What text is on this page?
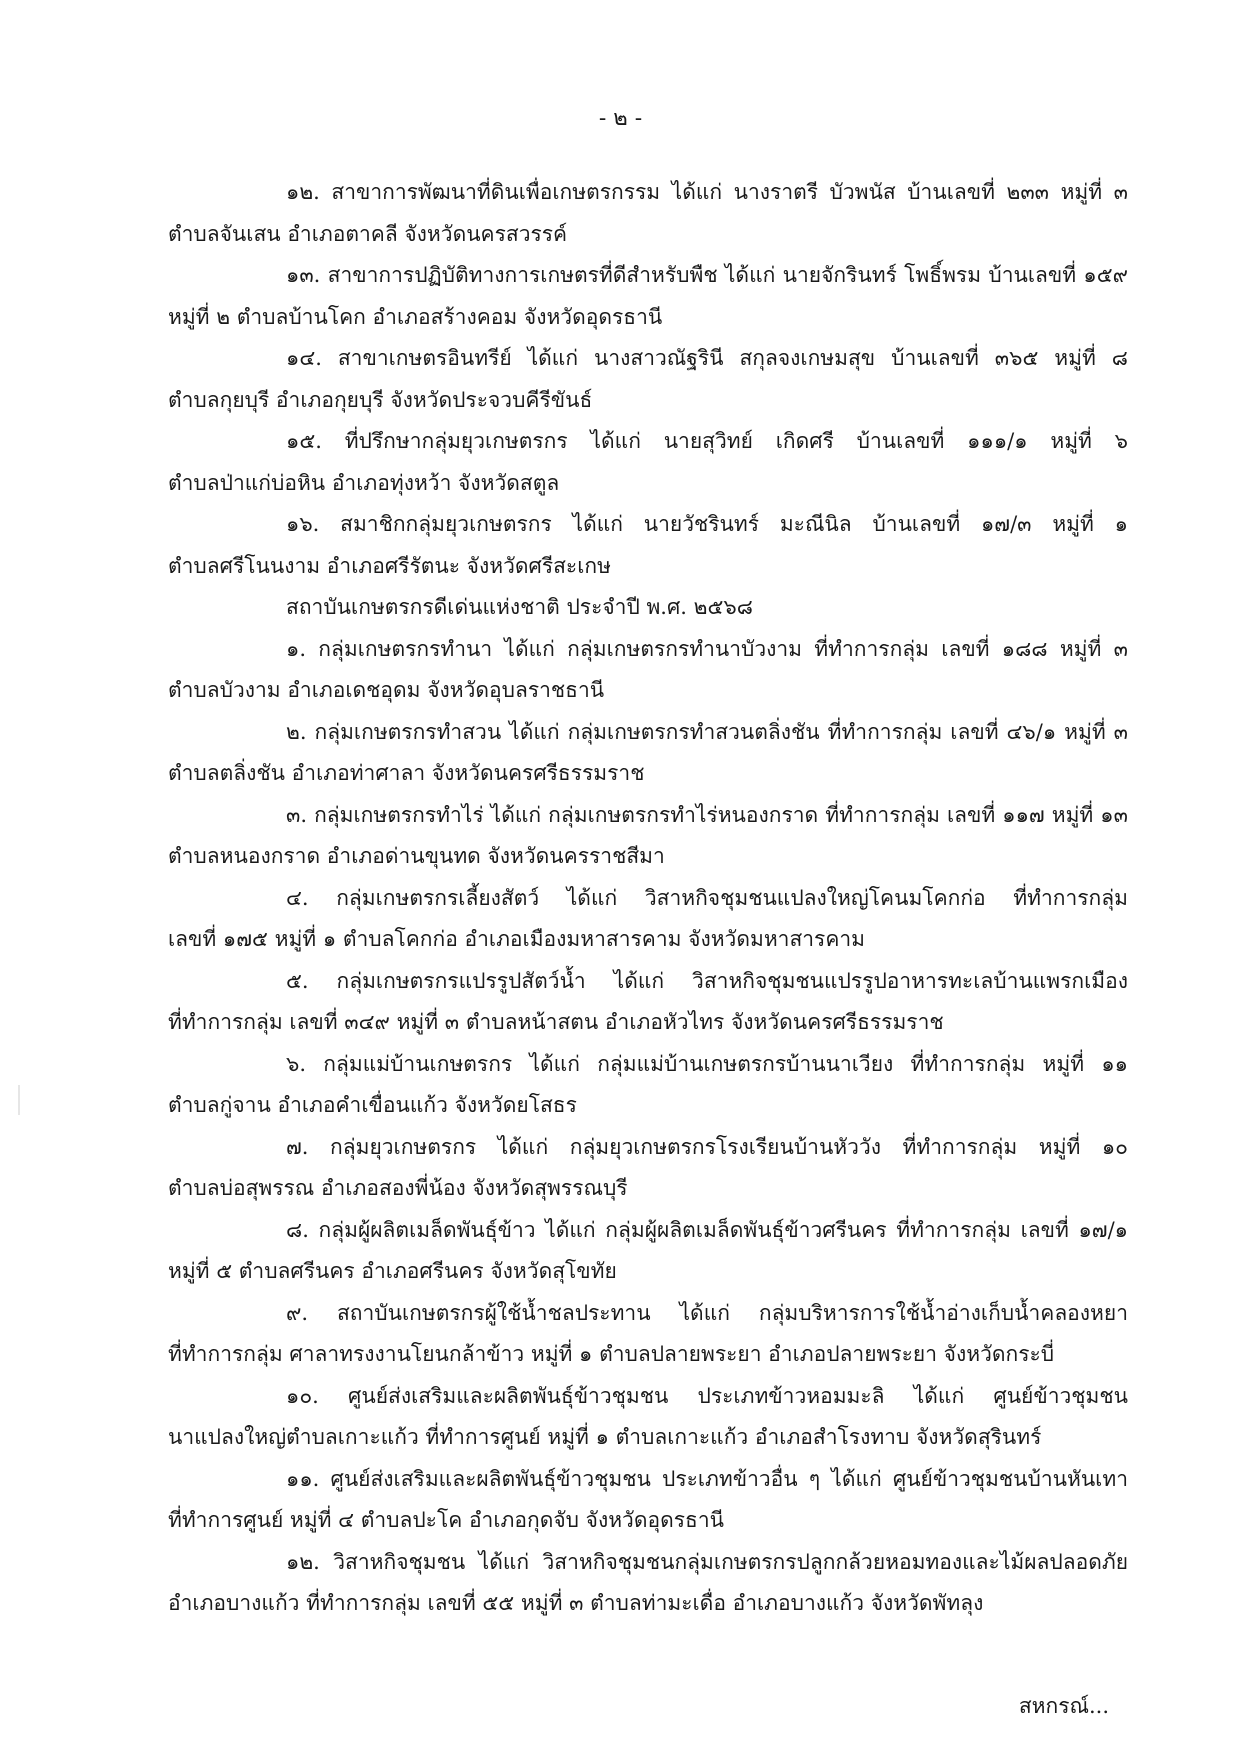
- ๒ -
๑๒. สาขาการพัฒนาที่ดินเพื่อเกษตรกรรม ได้แก่ นางราตรี บัวพนัส บ้านเลขที่ ๒๓๓ หมู่ที่ ๓
ตำบลจันเสน อำเภอตาคลี จังหวัดนครสวรรค์
๑๓. สาขาการปฏิบัติทางการเกษตรที่ดีสำหรับพืช ได้แก่ นายจักรินทร์ โพธิ์พรม บ้านเลขที่ ๑๕๙
หมู่ที่ ๒ ตำบลบ้านโคก อำเภอสร้างคอม จังหวัดอุดรธานี
๑๔. สาขาเกษตรอินทรีย์ ได้แก่ นางสาวณัฐรินี สกุลจงเกษมสุข บ้านเลขที่ ๓๖๕ หมู่ที่ ๘
ตำบลกุยบุรี อำเภอกุยบุรี จังหวัดประจวบคีรีขันธ์
๑๕. ที่ปรึกษากลุ่มยุวเกษตรกร ได้แก่ นายสุวิทย์ เกิดศรี บ้านเลขที่ ๑๑๑/๑ หมู่ที่ ๖
ตำบลป่าแก่บ่อหิน อำเภอทุ่งหว้า จังหวัดสตูล
๑๖. สมาชิกกลุ่มยุวเกษตรกร ได้แก่ นายวัชรินทร์ มะณีนิล บ้านเลขที่ ๑๗/๓ หมู่ที่ ๑
ตำบลศรีโนนงาม อำเภอศรีรัตนะ จังหวัดศรีสะเกษ
สถาบันเกษตรกรดีเด่นแห่งชาติ ประจำปี พ.ศ. ๒๕๖๘
๑. กลุ่มเกษตรกรทำนา ได้แก่ กลุ่มเกษตรกรทำนาบัวงาม ที่ทำการกลุ่ม เลขที่ ๑๘๘ หมู่ที่ ๓
ตำบลบัวงาม อำเภอเดชอุดม จังหวัดอุบลราชธานี
๒. กลุ่มเกษตรกรทำสวน ได้แก่ กลุ่มเกษตรกรทำสวนตลิ่งชัน ที่ทำการกลุ่ม เลขที่ ๔๖/๑ หมู่ที่ ๓
ตำบลตลิ่งชัน อำเภอท่าศาลา จังหวัดนครศรีธรรมราช
๓. กลุ่มเกษตรกรทำไร่ ได้แก่ กลุ่มเกษตรกรทำไร่หนองกราด ที่ทำการกลุ่ม เลขที่ ๑๑๗ หมู่ที่ ๑๓
ตำบลหนองกราด อำเภอด่านขุนทด จังหวัดนครราชสีมา
๔. กลุ่มเกษตรกรเลี้ยงสัตว์ ได้แก่ วิสาหกิจชุมชนแปลงใหญ่โคนมโคกก่อ ที่ทำการกลุ่ม
เลขที่ ๑๗๕ หมู่ที่ ๑ ตำบลโคกก่อ อำเภอเมืองมหาสารคาม จังหวัดมหาสารคาม
๕. กลุ่มเกษตรกรแปรรูปสัตว์น้ำ ได้แก่ วิสาหกิจชุมชนแปรรูปอาหารทะเลบ้านแพรกเมือง
ที่ทำการกลุ่ม เลขที่ ๓๔๙ หมู่ที่ ๓ ตำบลหน้าสตน อำเภอหัวไทร จังหวัดนครศรีธรรมราช
๖. กลุ่มแม่บ้านเกษตรกร ได้แก่ กลุ่มแม่บ้านเกษตรกรบ้านนาเวียง ที่ทำการกลุ่ม หมู่ที่ ๑๑
ตำบลกู่จาน อำเภอคำเขื่อนแก้ว จังหวัดยโสธร
๗. กลุ่มยุวเกษตรกร ได้แก่ กลุ่มยุวเกษตรกรโรงเรียนบ้านหัววัง ที่ทำการกลุ่ม หมู่ที่ ๑๐
ตำบลบ่อสุพรรณ อำเภอสองพี่น้อง จังหวัดสุพรรณบุรี
๘. กลุ่มผู้ผลิตเมล็ดพันธุ์ข้าว ได้แก่ กลุ่มผู้ผลิตเมล็ดพันธุ์ข้าวศรีนคร ที่ทำการกลุ่ม เลขที่ ๑๗/๑
หมู่ที่ ๕ ตำบลศรีนคร อำเภอศรีนคร จังหวัดสุโขทัย
๙. สถาบันเกษตรกรผู้ใช้น้ำชลประทาน ได้แก่ กลุ่มบริหารการใช้น้ำอ่างเก็บน้ำคลองหยา
ที่ทำการกลุ่ม ศาลาทรงงานโยนกล้าข้าว หมู่ที่ ๑ ตำบลปลายพระยา อำเภอปลายพระยา จังหวัดกระบี่
๑๐. ศูนย์ส่งเสริมและผลิตพันธุ์ข้าวชุมชน ประเภทข้าวหอมมะลิ ได้แก่ ศูนย์ข้าวชุมชน
นาแปลงใหญ่ตำบลเกาะแก้ว ที่ทำการศูนย์ หมู่ที่ ๑ ตำบลเกาะแก้ว อำเภอสำโรงทาบ จังหวัดสุรินทร์
๑๑. ศูนย์ส่งเสริมและผลิตพันธุ์ข้าวชุมชน ประเภทข้าวอื่น ๆ ได้แก่ ศูนย์ข้าวชุมชนบ้านหันเทา
ที่ทำการศูนย์ หมู่ที่ ๔ ตำบลปะโค อำเภอกุดจับ จังหวัดอุดรธานี
๑๒. วิสาหกิจชุมชน ได้แก่ วิสาหกิจชุมชนกลุ่มเกษตรกรปลูกกล้วยหอมทองและไม้ผลปลอดภัย
อำเภอบางแก้ว ที่ทำการกลุ่ม เลขที่ ๕๕ หมู่ที่ ๓ ตำบลท่ามะเดื่อ อำเภอบางแก้ว จังหวัดพัทลุง
สหกรณ์...
